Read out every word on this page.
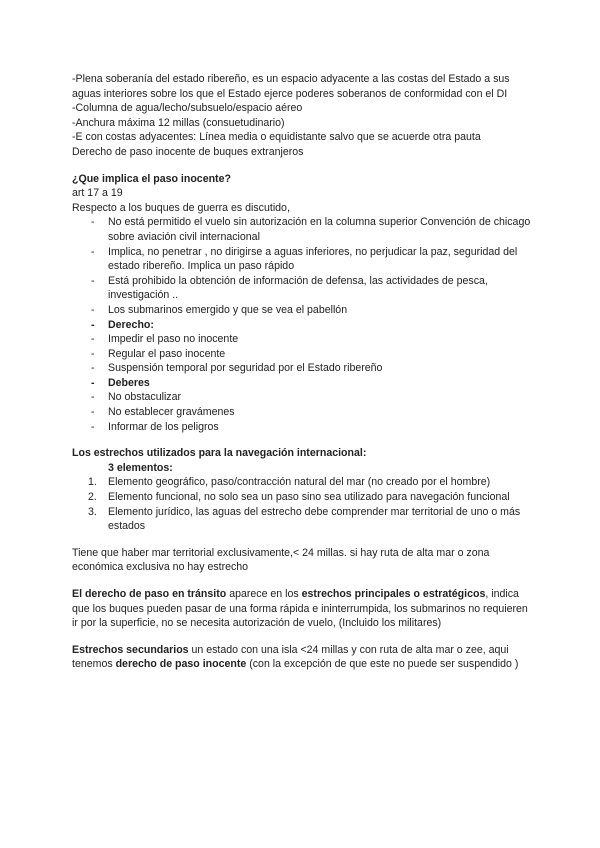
-Plena soberanía del estado ribereño, es un espacio adyacente a las costas del Estado a sus aguas interiores sobre los que el Estado ejerce poderes soberanos de conformidad con el DI

-Columna de agua/lecho/subsuelo/espacio aéreo

-Anchura máxima 12 millas (consuetudinario)

-E con costas adyacentes: Línea media o equidistante salvo que se acuerde otra pauta

Derecho de paso inocente de buques extranjeros

¿Que implica el paso inocente?

art 17 a 19

Respecto a los buques de guerra es discutido,

- No está permitido el vuelo sin autorización en la columna superior Convención de chicago sobre aviación civil internacional
- Implica, no penetrar , no dirigirse a aguas inferiores, no perjudicar la paz, seguridad del estado ribereño. Implica un paso rápido
- Está prohibido la obtención de información de defensa, las actividades de pesca, investigación ..
- Los submarinos emergido y que se vea el pabellón
- Derecho:
- Impedir el paso no inocente
- Regular el paso inocente
- Suspensión temporal por seguridad por el Estado ribereño
- Deberes
- No obstaculizar
- No establecer gravámenes
- Informar de los peligros

Los estrechos utilizados para la navegación internacional:

3 elementos:

1. Elemento geográfico, paso/contracción natural del mar (no creado por el hombre)
2. Elemento funcional, no solo sea un paso sino sea utilizado para navegación funcional
3. Elemento jurídico, las aguas del estrecho debe comprender mar territorial de uno o más estados

Tiene que haber mar territorial exclusivamente,< 24 millas. si hay ruta de alta mar o zona económica exclusiva no hay estrecho

El derecho de paso en tránsito aparece en los estrechos principales o estratégicos, indica que los buques pueden pasar de una forma rápida e ininterrumpida, los submarinos no requieren ir por la superficie, no se necesita autorización de vuelo, (Incluido los militares)

Estrechos secundarios un estado con una isla <24 millas y con ruta de alta mar o zee, aqui tenemos derecho de paso inocente (con la excepción de que este no puede ser suspendido )
